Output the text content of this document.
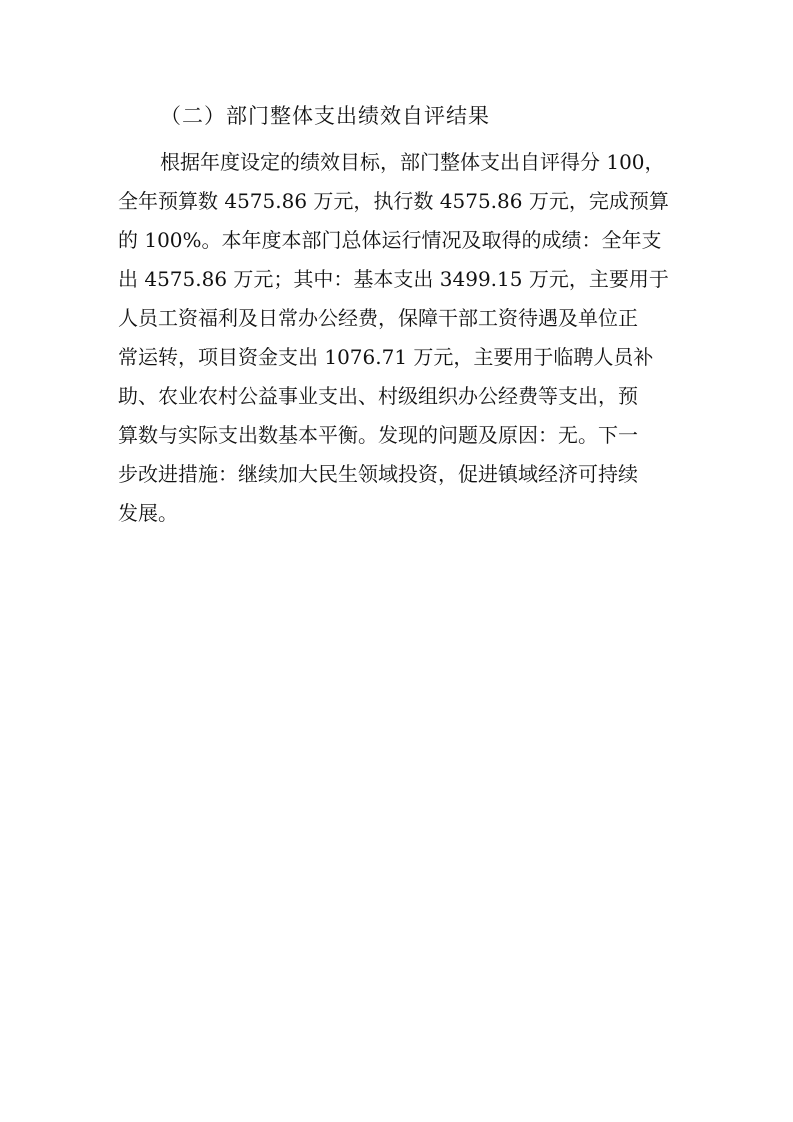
（二）部门整体支出绩效自评结果
根据年度设定的绩效目标，部门整体支出自评得分 100，
全年预算数 4575.86 万元，执行数 4575.86 万元，完成预算
的 100%。本年度本部门总体运行情况及取得的成绩：全年支
出 4575.86 万元；其中：基本支出 3499.15 万元，主要用于
人员工资福利及日常办公经费，保障干部工资待遇及单位正
常运转，项目资金支出 1076.71 万元，主要用于临聘人员补
助、农业农村公益事业支出、村级组织办公经费等支出，预
算数与实际支出数基本平衡。发现的问题及原因：无。下一
步改进措施：继续加大民生领域投资，促进镇域经济可持续
发展。
